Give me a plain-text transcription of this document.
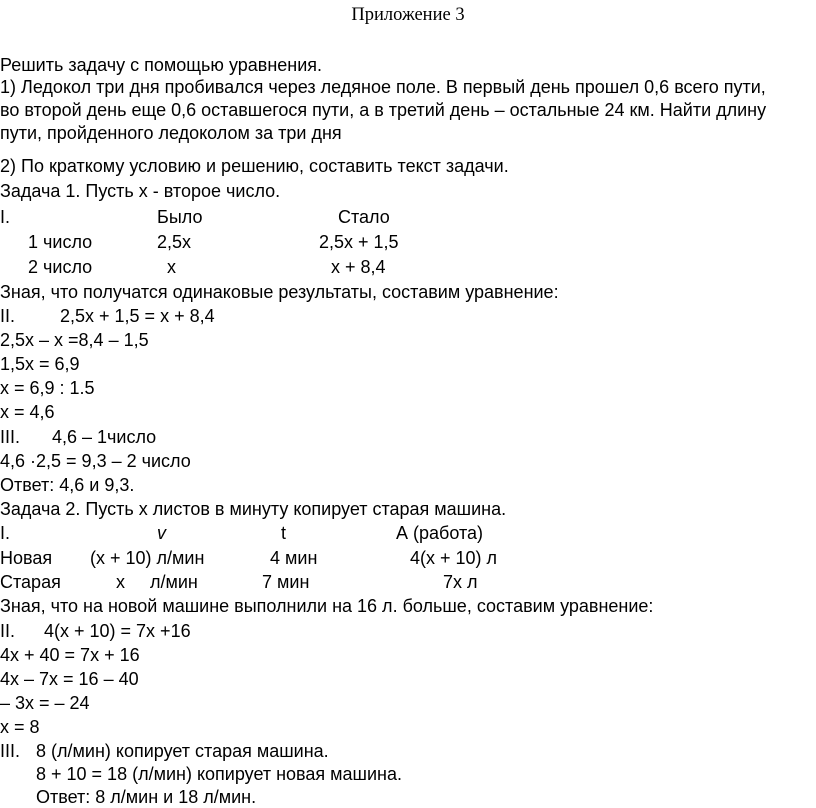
Приложение 3
Решить задачу с помощью уравнения.
1) Ледокол три дня пробивался через ледяное поле. В первый день прошел 0,6 всего пути,
во второй день еще 0,6 оставшегося пути, а в третий день – остальные 24 км. Найти длину
пути, пройденного ледоколом за три дня
2) По краткому условию и решению, составить текст задачи.
Задача 1. Пусть х - второе число.
I.	Было	Стало
1 число	2,5х	2,5х + 1,5
2 число	х	х + 8,4
Зная, что получатся одинаковые результаты, составим уравнение:
II. 2,5х + 1,5 = х + 8,4
2,5х – х =8,4 – 1,5
1,5х = 6,9
х = 6,9 : 1.5
х = 4,6
III. 4,6 – 1число
4,6 ·2,5 = 9,3 – 2 число
Ответ: 4,6 и 9,3.
Задача 2. Пусть х листов в минуту копирует старая машина.
I.	v	t	А (работа)
Новая (х + 10) л/мин	4 мин	4(х + 10) л
Старая	х л/мин	7 мин	7х л
Зная, что на новой машине выполнили на 16 л. больше, составим уравнение:
II. 4(х + 10) = 7х +16
4х + 40 = 7х + 16
4х – 7х = 16 – 40
– 3х = – 24
х = 8
III. 8 (л/мин) копирует старая машина.
8 + 10 = 18 (л/мин) копирует новая машина.
Ответ: 8 л/мин и 18 л/мин.
